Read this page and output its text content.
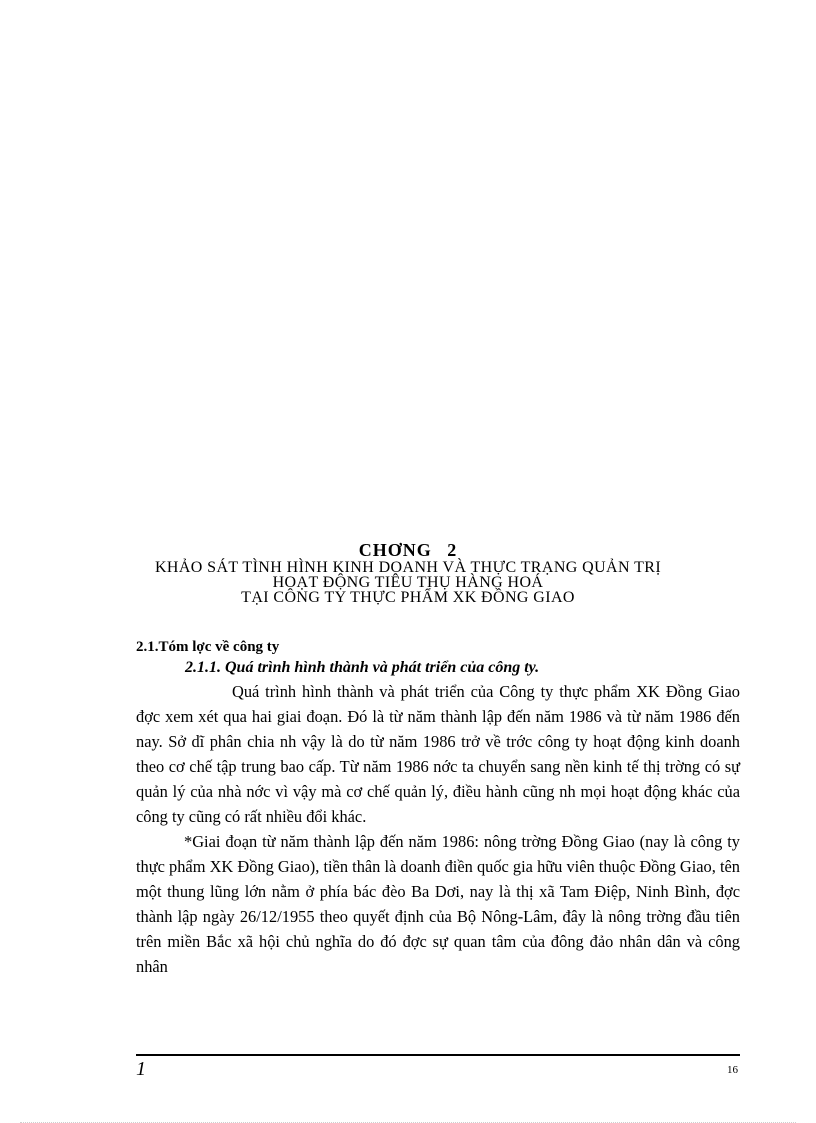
CHƠNG 2
KHẢO SÁT TÌNH HÌNH KINH DOANH VÀ THỰC TRẠNG QUẢN TRỊ
HOẠT ĐỘNG TIÊU THỤ HÀNG HOÁ
TẠI CÔNG TY THỰC PHẨM XK ĐỒNG GIAO
2.1.Tóm lợc về công ty
2.1.1. Quá trình hình thành và phát triển của công ty.

Quá trình hình thành và phát triển của Công ty thực phẩm XK Đồng Giao đợc xem xét qua hai giai đoạn. Đó là từ năm thành lập đến năm 1986 và từ năm 1986 đến nay. Sở dĩ phân chia nh vậy là do từ năm 1986 trở về trớc công ty hoạt động kinh doanh theo cơ chế tập trung bao cấp. Từ năm 1986 nớc ta chuyển sang nền kinh tế thị trờng có sự quản lý của nhà nớc vì vậy mà cơ chế quản lý, điều hành cũng nh mọi hoạt động khác của công ty cũng có rất nhiều đổi khác.

*Giai đoạn từ năm thành lập đến năm 1986: nông trờng Đồng Giao (nay là công ty thực phẩm XK Đồng Giao), tiền thân là doanh điền quốc gia hữu viên thuộc Đồng Giao, tên một thung lũng lớn nằm ở phía bác đèo Ba Dơi, nay là thị xã Tam Điệp, Ninh Bình, đợc thành lập ngày 26/12/1955 theo quyết định của Bộ Nông-Lâm, đây là nông trờng đầu tiên trên miền Bắc xã hội chủ nghĩa do đó đợc sự quan tâm của đông đảo nhân dân và công nhân

1	16
